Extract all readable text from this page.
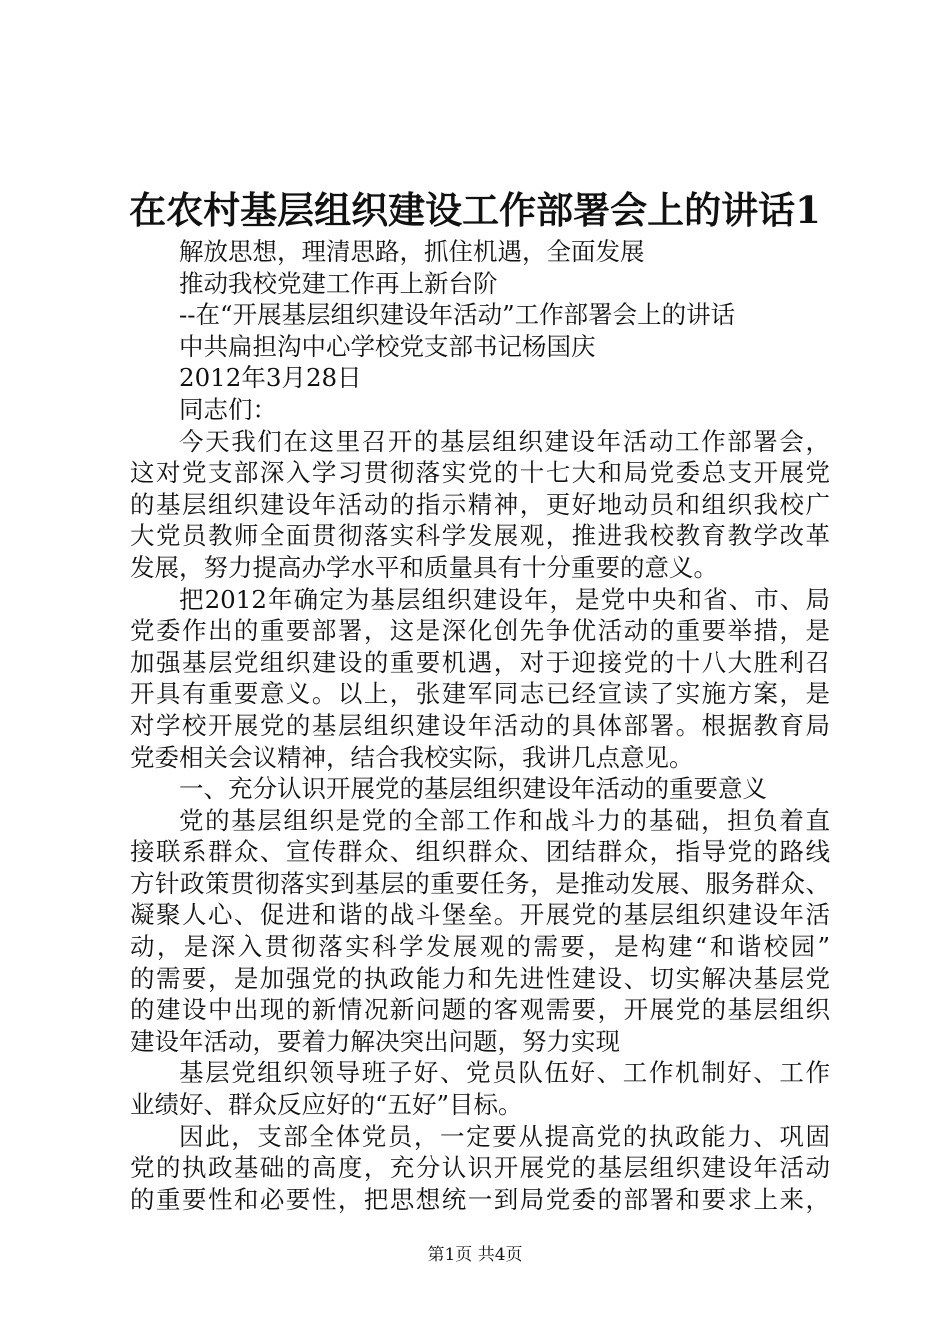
在农村基层组织建设工作部署会上的讲话1
解放思想，理清思路，抓住机遇，全面发展
推动我校党建工作再上新台阶
--在“开展基层组织建设年活动”工作部署会上的讲话
中共扁担沟中心学校党支部书记杨国庆
2012年3月28日
同志们：
今天我们在这里召开的基层组织建设年活动工作部署会，
这对党支部深入学习贯彻落实党的十七大和局党委总支开展党
的基层组织建设年活动的指示精神，更好地动员和组织我校广
大党员教师全面贯彻落实科学发展观，推进我校教育教学改革
发展，努力提高办学水平和质量具有十分重要的意义。
把2012年确定为基层组织建设年，是党中央和省、市、局
党委作出的重要部署，这是深化创先争优活动的重要举措，是
加强基层党组织建设的重要机遇，对于迎接党的十八大胜利召
开具有重要意义。以上，张建军同志已经宣读了实施方案，是
对学校开展党的基层组织建设年活动的具体部署。根据教育局
党委相关会议精神，结合我校实际，我讲几点意见。
一、充分认识开展党的基层组织建设年活动的重要意义
党的基层组织是党的全部工作和战斗力的基础，担负着直
接联系群众、宣传群众、组织群众、团结群众，指导党的路线
方针政策贯彻落实到基层的重要任务，是推动发展、服务群众、
凝聚人心、促进和谐的战斗堡垒。开展党的基层组织建设年活
动，是深入贯彻落实科学发展观的需要，是构建“和谐校园”
的需要，是加强党的执政能力和先进性建设、切实解决基层党
的建设中出现的新情况新问题的客观需要，开展党的基层组织
建设年活动，要着力解决突出问题，努力实现
基层党组织领导班子好、党员队伍好、工作机制好、工作
业绩好、群众反应好的“五好”目标。
因此，支部全体党员，一定要从提高党的执政能力、巩固
党的执政基础的高度，充分认识开展党的基层组织建设年活动
的重要性和必要性，把思想统一到局党委的部署和要求上来，
第1页 共4页
